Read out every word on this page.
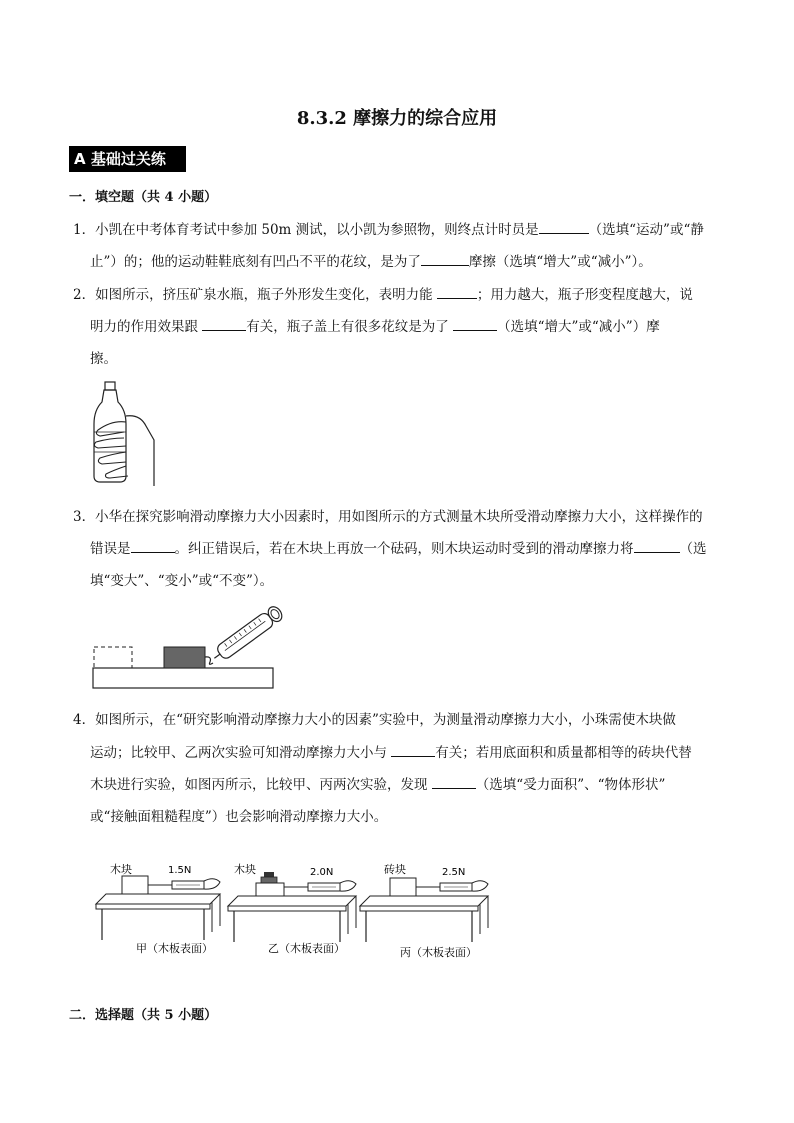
8.3.2 摩擦力的综合应用
A 基础过关练
一．填空题（共 4 小题）
1．小凯在中考体育考试中参加 50m 测试，以小凯为参照物，则终点计时员是	（选填“运动”或“静
止”）的；他的运动鞋鞋底刻有凹凸不平的花纹，是为了	摩擦（选填“增大”或“减小”）。
2．如图所示，挤压矿泉水瓶，瓶子外形发生变化，表明力能	；用力越大，瓶子形变程度越大，说
明力的作用效果跟	有关，瓶子盖上有很多花纹是为了	（选填“增大”或“减小”）摩
擦。
3．小华在探究影响滑动摩擦力大小因素时，用如图所示的方式测量木块所受滑动摩擦力大小，这样操作的
错误是	。纠正错误后，若在木块上再放一个砝码，则木块运动时受到的滑动摩擦力将	（选
填“变大”、“变小”或“不变”）。
4．如图所示，在“研究影响滑动摩擦力大小的因素”实验中，为测量滑动摩擦力大小，小珠需使木块做
运动；比较甲、乙两次实验可知滑动摩擦力大小与	有关；若用底面积和质量都相等的砖块代替
木块进行实验，如图丙所示，比较甲、丙两次实验，发现	（选填“受力面积”、“物体形状”
或“接触面粗糙程度”）也会影响滑动摩擦力大小。
木块	1.5N
甲（木板表面）
木块	2.0N
乙（木板表面）
砖块	2.5N
丙（木板表面）
二．选择题（共 5 小题）
